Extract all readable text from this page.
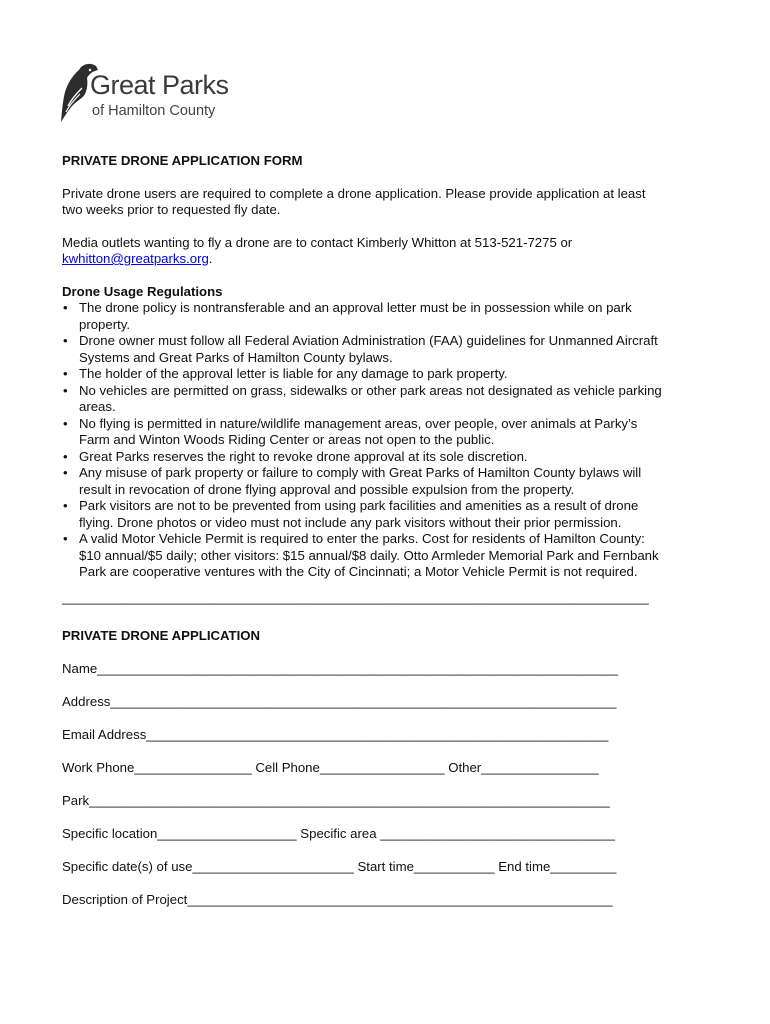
Great Parks
of Hamilton County

PRIVATE DRONE APPLICATION FORM

Private drone users are required to complete a drone application. Please provide application at least two weeks prior to requested fly date.

Media outlets wanting to fly a drone are to contact Kimberly Whitton at 513-521-7275 or kwhitton@greatparks.org.

Drone Usage Regulations

• The drone policy is nontransferable and an approval letter must be in possession while on park property.
• Drone owner must follow all Federal Aviation Administration (FAA) guidelines for Unmanned Aircraft Systems and Great Parks of Hamilton County bylaws.
• The holder of the approval letter is liable for any damage to park property.
• No vehicles are permitted on grass, sidewalks or other park areas not designated as vehicle parking areas.
• No flying is permitted in nature/wildlife management areas, over people, over animals at Parky’s Farm and Winton Woods Riding Center or areas not open to the public.
• Great Parks reserves the right to revoke drone approval at its sole discretion.
• Any misuse of park property or failure to comply with Great Parks of Hamilton County bylaws will result in revocation of drone flying approval and possible expulsion from the property.
• Park visitors are not to be prevented from using park facilities and amenities as a result of drone flying. Drone photos or video must not include any park visitors without their prior permission.
• A valid Motor Vehicle Permit is required to enter the parks. Cost for residents of Hamilton County: $10 annual/$5 daily; other visitors: $15 annual/$8 daily. Otto Armleder Memorial Park and Fernbank Park are cooperative ventures with the City of Cincinnati; a Motor Vehicle Permit is not required.
________________________________________________________________________________

PRIVATE DRONE APPLICATION

Name_______________________________________________________________________
Address_____________________________________________________________________
Email Address_______________________________________________________________
Work Phone________________ Cell Phone_________________ Other________________
Park_______________________________________________________________________
Specific location___________________ Specific area ________________________________
Specific date(s) of use______________________ Start time___________ End time_________
Description of Project__________________________________________________________
